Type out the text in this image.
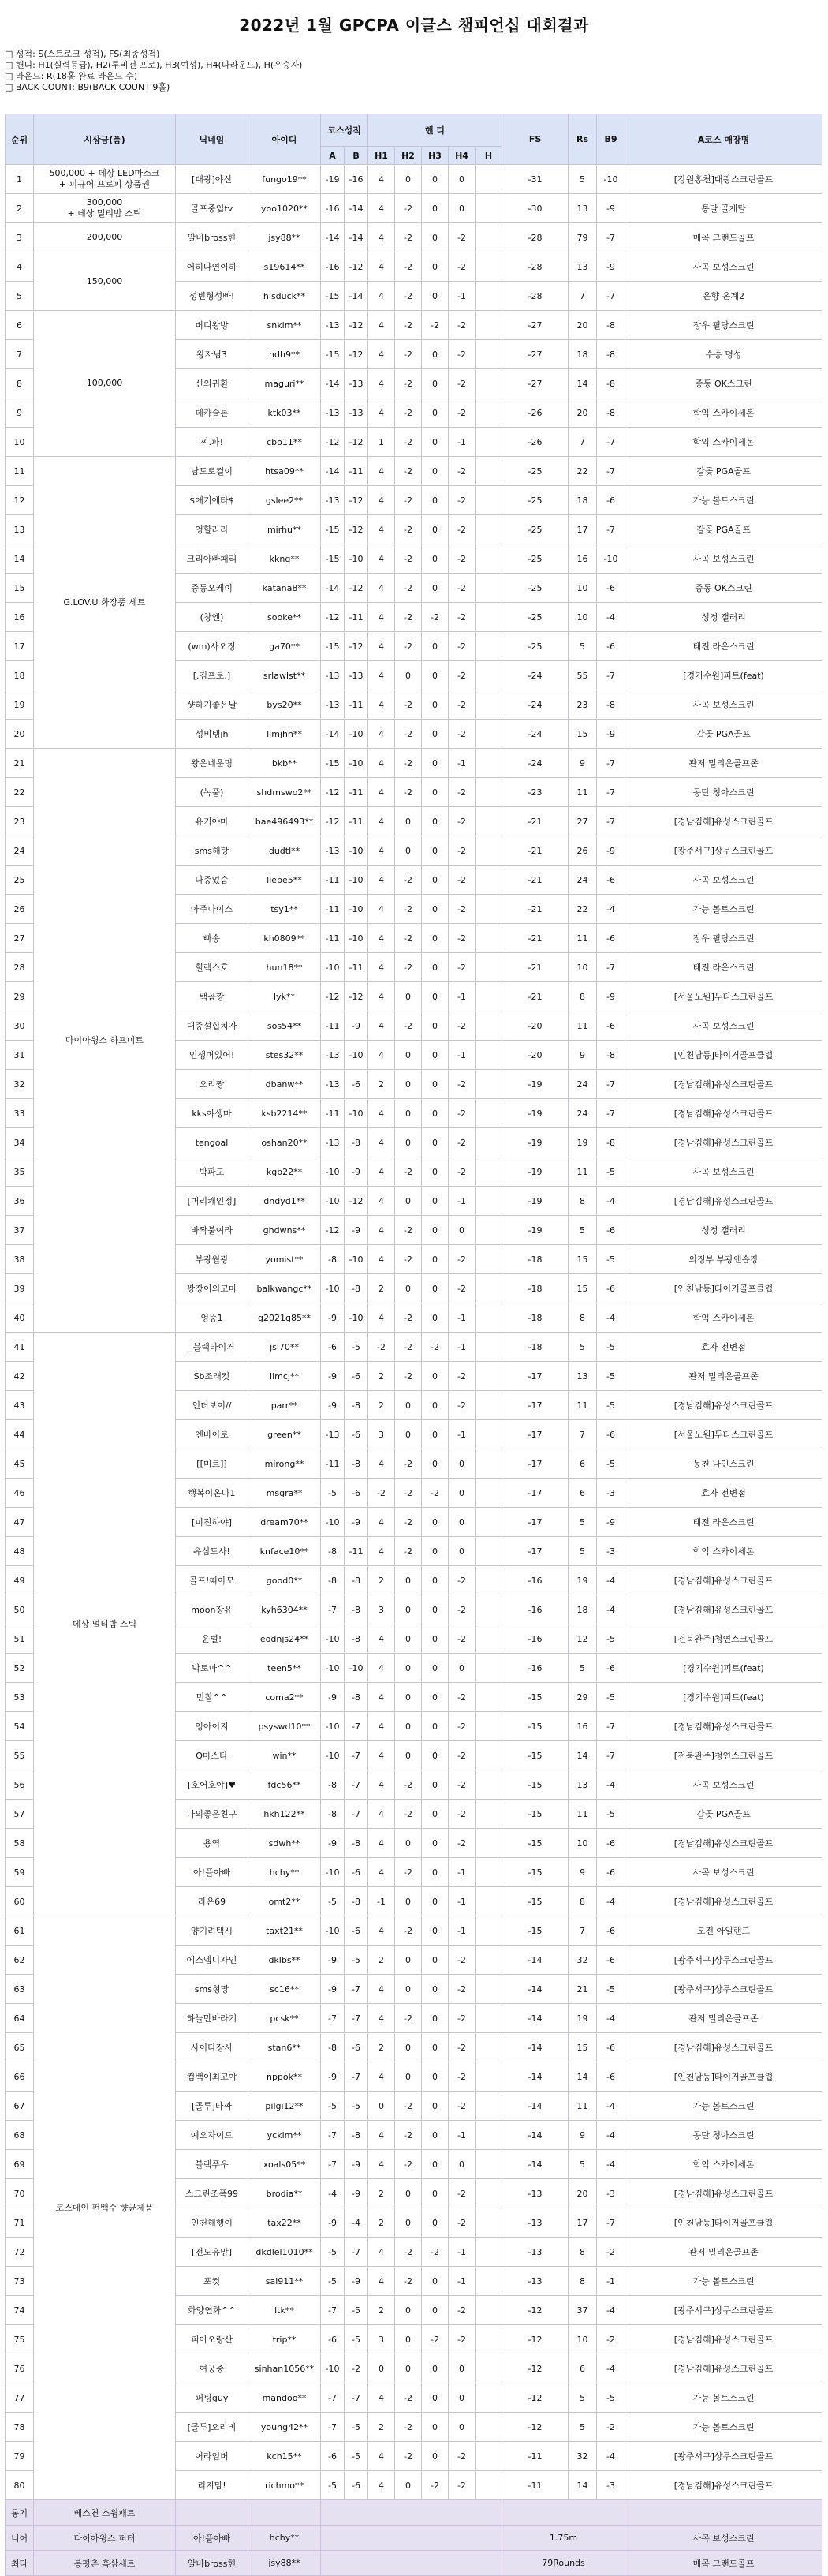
2022년 1월 GPCPA 이글스 챔피언십 대회결과
□ 성적: S(스트로크 성적), FS(최종성적)
□ 핸디: H1(실력등급), H2(투비전 프로), H3(여성), H4(다라운드), H(우승자)
□ 라운드: R(18홀 완료 라운드 수)
□ BACK COUNT: B9(BACK COUNT 9홀)
순위	시상금(품)	닉네임	아이디	코스성적		핸 디					FS	Rs	B9	A코스 매장명
				A	B	H1	H2	H3	H4	H				
1	500,000 + 데상 LED마스크
+ 피규어 프로피 상품권	[대광]야신	fungo19**	-19	-16	4	0	0	0		-31	5	-10	[강원홍천]대광스크린골프
2	300,000
+ 데상 멀티밤 스틱	골프중입tv	yoo1020**	-16	-14	4	-2	0	0		-30	13	-9	통달 골제탈
3	200,000	알바bross헌	jsy88**	-14	-14	4	-2	0	-2		-28	79	-7	매곡 그랜드골프
4	150,000	어허다연이하	s19614**	-16	-12	4	-2	0	-2		-28	13	-9	사곡 보성스크린
5		성빈형성빠!	hisduck**	-15	-14	4	-2	0	-1		-28	7	-7	운향 온계2
6	100,000	버디왕방	snkim**	-13	-12	4	-2	-2	-2		-27	20	-8	장우 필당스크린
7		왕자님3	hdh9**	-15	-12	4	-2	0	-2		-27	18	-8	수송 명성
8		신의귀환	maguri**	-14	-13	4	-2	0	-2		-27	14	-8	중동 OK스크린
9		데카슬론	ktk03**	-13	-13	4	-2	0	-2		-26	20	-8	학익 스카이세본
10		찌.파!	cbo11**	-12	-12	1	-2	0	-1		-26	7	-7	학익 스카이세본
11	G.LOV.U 화장품 세트	남도로컬이	htsa09**	-14	-11	4	-2	0	-2		-25	22	-7	갈곶 PGA골프
12		$애기애타$	gslee2**	-13	-12	4	-2	0	-2		-25	18	-6	가능 볼트스크린
13		엉할라라	mirhu**	-15	-12	4	-2	0	-2		-25	17	-7	갈곶 PGA골프
14		크리아빠패리	kkng**	-15	-10	4	-2	0	-2		-25	16	-10	사곡 보성스크린
15		중동오케이	katana8**	-14	-12	4	-2	0	-2		-25	10	-6	중동 OK스크린
16		(창엔)	sooke**	-12	-11	4	-2	-2	-2		-25	10	-4	성정 갤러리
17		(wm)사오정	ga70**	-15	-12	4	-2	0	-2		-25	5	-6	태전 라운스크린
18		[.김프로.]	srlawlst**	-13	-13	4	0	0	-2		-24	55	-7	[경기수원]피트(feat)
19		샷하기좋은날	bys20**	-13	-11	4	-2	0	-2		-24	23	-8	사곡 보성스크린
20		성비탱jh	limjhh**	-14	-10	4	-2	0	-2		-24	15	-9	갈곶 PGA골프
21	다이아윙스 하프미트	왕은네운명	bkb**	-15	-10	4	-2	0	-1		-24	9	-7	관저 밀리온골프존
22		(녹풀)	shdmswo2**	-12	-11	4	-2	0	-2		-23	11	-7	공단 청아스크린
23		유키야마	bae496493**	-12	-11	4	0	0	-2		-21	27	-7	[경남김해]유성스크린골프
24		sms해탕	dudtl**	-13	-10	4	0	0	-2		-21	26	-9	[광주서구]상무스크린골프
25		다중었슴	liebe5**	-11	-10	4	-2	0	-2		-21	24	-6	사곡 보성스크린
26		아주나이스	tsy1**	-11	-10	4	-2	0	-2		-21	22	-4	가능 볼트스크린
27		빠송	kh0809**	-11	-10	4	-2	0	-2		-21	11	-6	장우 필당스크린
28		힐렉스호	hun18**	-10	-11	4	-2	0	-2		-21	10	-7	태전 라운스크린
29		백곰짱	lyk**	-12	-12	4	0	0	-1		-21	8	-9	[서울노원]두타스크린골프
30		대중설힙치자	sos54**	-11	-9	4	-2	0	-2		-20	11	-6	사곡 보성스크린
31		인생머있어!	stes32**	-13	-10	4	0	0	-1		-20	9	-8	[인천남동]타이거골프클럽
32		오리짱	dbanw**	-13	-6	2	0	0	-2		-19	24	-7	[경남김해]유성스크린골프
33		kks야생마	ksb2214**	-11	-10	4	0	0	-2		-19	24	-7	[경남김해]유성스크린골프
34		tengoal	oshan20**	-13	-8	4	0	0	-2		-19	19	-8	[경남김해]유성스크린골프
35		박파도	kgb22**	-10	-9	4	-2	0	-2		-19	11	-5	사곡 보성스크린
36		[머리쾌인정]	dndyd1**	-10	-12	4	0	0	-1		-19	8	-4	[경남김해]유성스크린골프
37		바짝붙여라	ghdwns**	-12	-9	4	-2	0	0		-19	5	-6	성정 갤러리
38		부광월광	yomist**	-8	-10	4	-2	0	-2		-18	15	-5	의정부 부광앤솝장
39		쌍장이의고마	balkwangc**	-10	-8	2	0	0	-2		-18	15	-6	[인천남동]타이거골프클럽
40		엉뚱1	g2021g85**	-9	-10	4	-2	0	-1		-18	8	-4	학익 스카이세본
41	데상 멀티밤 스틱	_블랙타이거	jsl70**	-6	-5	-2	-2	-2	-1		-18	5	-5	효자 전변점
42		Sb조래킷	limcj**	-9	-6	2	-2	0	-2		-17	13	-5	관저 밀리온골프존
43		인더보이//	parr**	-9	-8	2	0	0	-2		-17	11	-5	[경남김해]유성스크린골프
44		엔바이로	green**	-13	-6	3	0	0	-1		-17	7	-6	[서울노원]두타스크린골프
45		[[미르]]	mirong**	-11	-8	4	-2	0	0		-17	6	-5	동천 나인스크린
46		행복이온다1	msgra**	-5	-6	-2	-2	-2	0		-17	6	-3	효자 전변점
47		[미진하야]	dream70**	-10	-9	4	-2	0	0		-17	5	-9	태전 라운스크린
48		유심도사!	knface10**	-8	-11	4	-2	0	0		-17	5	-3	학익 스카이세본
49		골프!띠아모	good0**	-8	-8	2	0	0	-2		-16	19	-4	[경남김해]유성스크린골프
50		moon장유	kyh6304**	-7	-8	3	0	0	-2		-16	18	-4	[경남김해]유성스크린골프
51		윤벌!	eodnjs24**	-10	-8	4	0	0	-2		-16	12	-5	[전북완주]청연스크린골프
52		박토마^^	teen5**	-10	-10	4	0	0	0		-16	5	-6	[경기수원]피트(feat)
53		민찰^^	coma2**	-9	-8	4	0	0	-2		-15	29	-5	[경기수원]피트(feat)
54		엉아이지	psyswd10**	-10	-7	4	0	0	-2		-15	16	-7	[경남김해]유성스크린골프
55		Q마스타	win**	-10	-7	4	0	0	-2		-15	14	-7	[전북완주]청연스크린골프
56		[호어호야]♥	fdc56**	-8	-7	4	-2	0	-2		-15	13	-4	사곡 보성스크린
57		나의좋은친구	hkh122**	-8	-7	4	-2	0	-2		-15	11	-5	갈곶 PGA골프
58		용역	sdwh**	-9	-8	4	0	0	-2		-15	10	-6	[경남김해]유성스크린골프
59		아!플아빠	hchy**	-10	-6	4	-2	0	-1		-15	9	-6	사곡 보성스크린
60		라온69	omt2**	-5	-8	-1	0	0	-1		-15	8	-4	[경남김해]유성스크린골프
61	코스메인 펀백수 향균제품	양기려택시	taxt21**	-10	-6	4	-2	0	-1		-15	7	-6	모전 아일랜드
62		에스엠디자인	dklbs**	-9	-5	2	0	0	-2		-14	32	-6	[광주서구]상무스크린골프
63		sms형망	sc16**	-9	-7	4	0	0	-2		-14	21	-5	[광주서구]상무스크린골프
64		하늘만바라기	pcsk**	-7	-7	4	-2	0	-2		-14	19	-4	관저 밀리온골프존
65		사이다장사	stan6**	-8	-6	2	0	0	-2		-14	15	-6	[경남김해]유성스크린골프
66		컴백이최고야	nppok**	-9	-7	4	0	0	-2		-14	14	-6	[인천남동]타이거골프클럽
67		[골투]타짜	pilgi12**	-5	-5	0	-2	0	-2		-14	11	-4	가능 볼트스크린
68		예오자이드	yckim**	-7	-8	4	-2	0	-1		-14	9	-4	공단 청아스크린
69		블랙푸우	xoals05**	-7	-9	4	-2	0	0		-14	5	-4	학익 스카이세본
70		스크린조폭99	brodia**	-4	-9	2	0	0	-2		-13	20	-3	[경남김해]유성스크린골프
71		인천해행이	tax22**	-9	-4	2	0	0	-2		-13	17	-7	[인천남동]타이거골프클럽
72		[전도유망]	dkdlel1010**	-5	-7	4	-2	-2	-1		-13	8	-2	관저 밀리온골프존
73		포컷	sal911**	-5	-9	4	-2	0	-1		-13	8	-1	가능 볼트스크린
74		화양연화^^	ltk**	-7	-5	2	0	0	-2		-12	37	-4	[광주서구]상무스크린골프
75		피아오랑산	trip**	-6	-5	3	0	-2	-2		-12	10	-2	[경남김해]유성스크린골프
76		여궁중	sinhan1056**	-10	-2	0	0	0	0		-12	6	-4	[경남김해]유성스크린골프
77		퍼팅guy	mandoo**	-7	-7	4	-2	0	0		-12	5	-5	가능 볼트스크린
78		[골투]오리비	young42**	-7	-5	2	-2	0	0		-12	5	-2	가능 볼트스크린
79		어라엄버	kch15**	-6	-5	4	-2	0	-2		-11	32	-4	[광주서구]상무스크린골프
80		리지맘!	richmo**	-5	-6	4	0	-2	-2		-11	14	-3	[경남김해]유성스크린골프
롱기	베스천 스윔패트													
니어	다이아윙스 퍼터	아!플아빠	hchy**								1.75m			사곡 보성스크린
최다	봉평촌 흑삼세트	알바bross헌	jsy88**								79Rounds			매곡 그랜드골프
